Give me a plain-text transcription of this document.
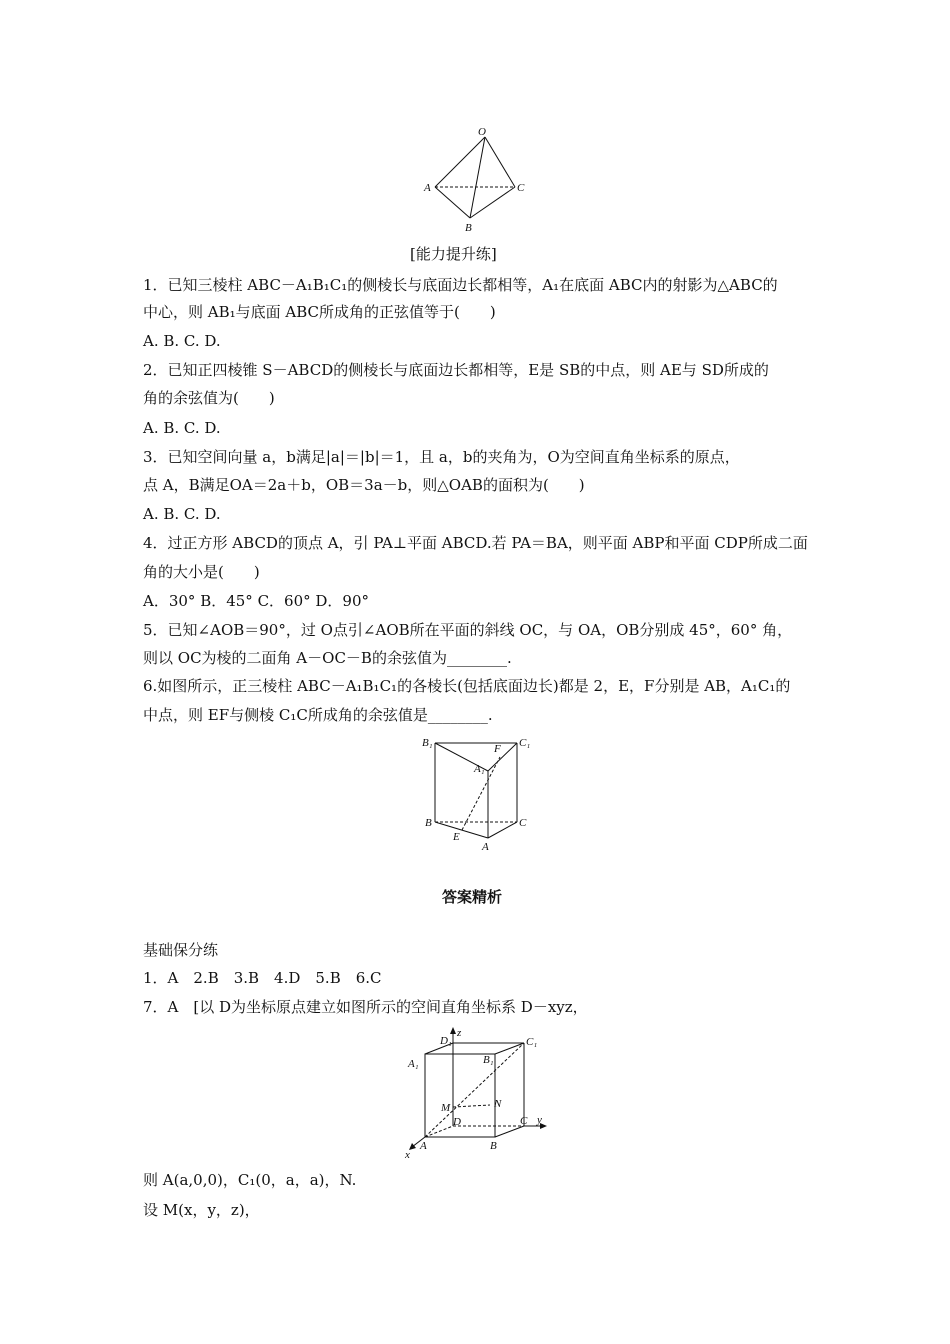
O
A	C
B
[能力提升练]
1．已知三棱柱 ABC－A₁B₁C₁的侧棱长与底面边长都相等，A₁在底面 ABC内的射影为△ABC的
中心，则 AB₁与底面 ABC所成角的正弦值等于(　　)
A. B. C. D.
2．已知正四棱锥 S－ABCD的侧棱长与底面边长都相等，E是 SB的中点，则 AE与 SD所成的
角的余弦值为(　　)
A. B. C. D.
3．已知空间向量 a，b满足|a|＝|b|＝1，且 a，b的夹角为，O为空间直角坐标系的原点，
点 A，B满足OA＝2a＋b，OB＝3a－b，则△OAB的面积为(　　)
A. B. C. D.
4．过正方形 ABCD的顶点 A，引 PA⊥平面 ABCD.若 PA＝BA，则平面 ABP和平面 CDP所成二面
角的大小是(　　)
A．30° B．45° C．60° D．90°
5．已知∠AOB＝90°，过 O点引∠AOB所在平面的斜线 OC，与 OA，OB分别成 45°，60° 角，
则以 OC为棱的二面角 A－OC－B的余弦值为________.
6.如图所示，正三棱柱 ABC－A₁B₁C₁的各棱长(包括底面边长)都是 2，E，F分别是 AB，A₁C₁的
中点，则 EF与侧棱 C₁C所成角的余弦值是________.
B₁	F C₁
A₁
B	C
E
A
答案精析
基础保分练
1．A　2.B　3.B　4.D　5.B　6.C
7．A　[以 D为坐标原点建立如图所示的空间直角坐标系 D－xyz，
z
D₁	C₁
B₁
A₁
M	N
D	C y
A	B
x
则 A(a,0,0)，C₁(0，a，a)，N.
设 M(x，y，z)，
